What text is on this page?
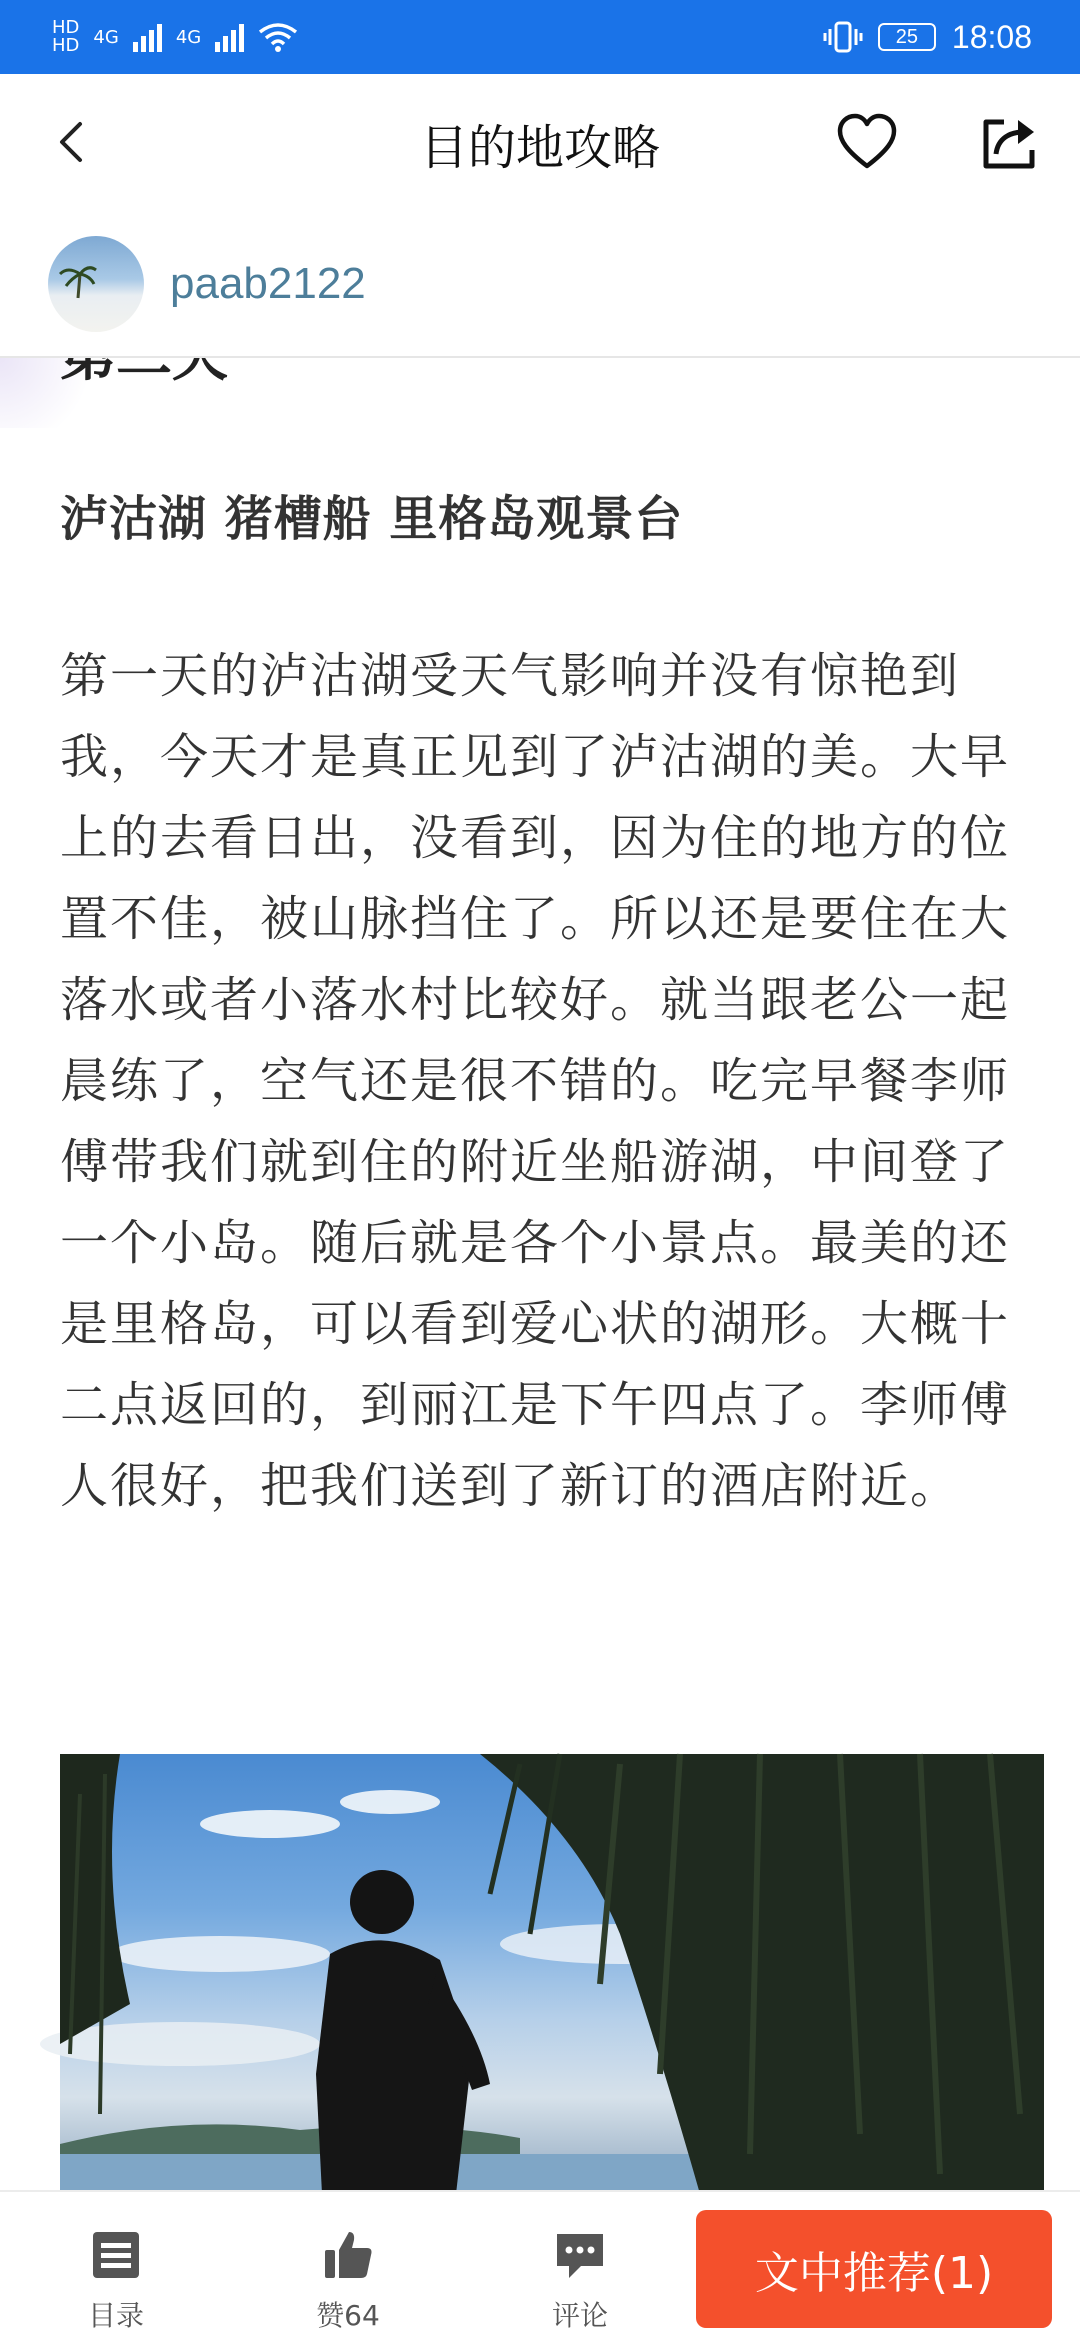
HD
HD 4G	4G	25 18:08
目的地攻略
paab2122
泸沽湖 猪槽船 里格岛观景台
第一天的泸沽湖受天气影响并没有惊艳到我，今天才是真正见到了泸沽湖的美。大早上的去看日出，没看到，因为住的地方的位置不佳，被山脉挡住了。所以还是要住在大落水或者小落水村比较好。就当跟老公一起晨练了，空气还是很不错的。吃完早餐李师傅带我们就到住的附近坐船游湖，中间登了一个小岛。随后就是各个小景点。最美的还是里格岛，可以看到爱心状的湖形。大概十二点返回的，到丽江是下午四点了。李师傅人很好，把我们送到了新订的酒店附近。
目录	赞64	评论
文中推荐(1)
